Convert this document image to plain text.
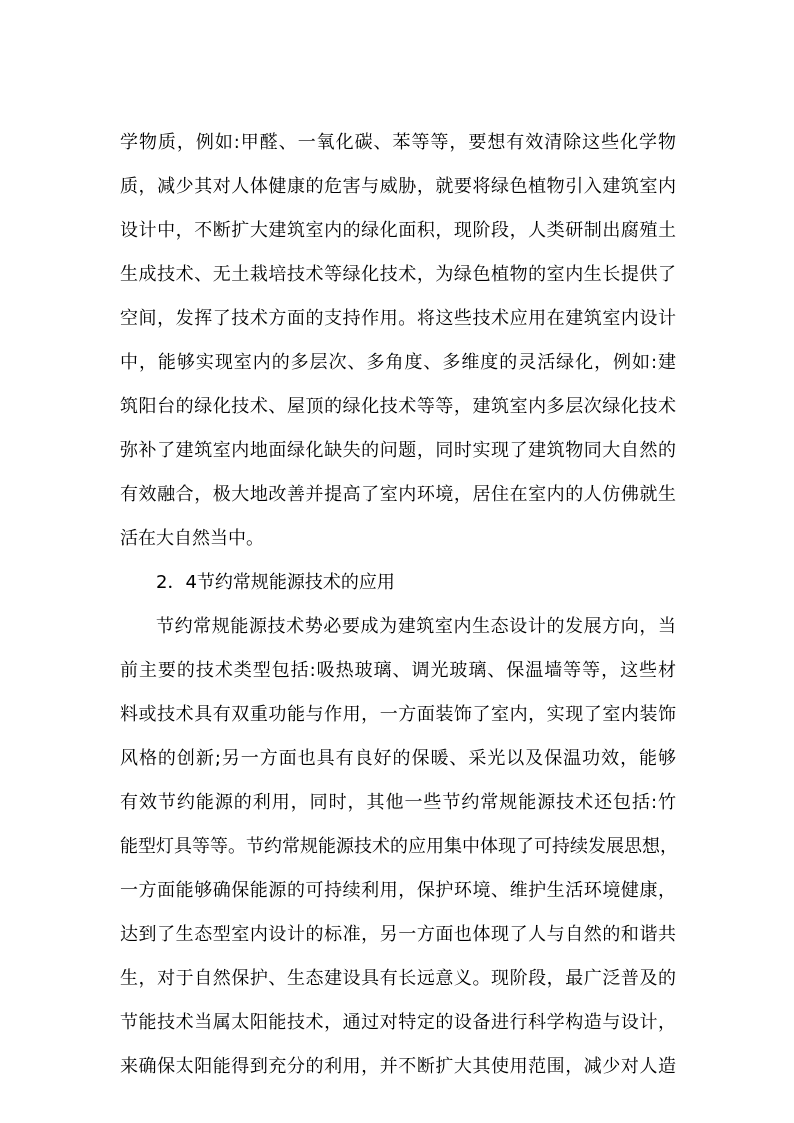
学物质，例如:甲醛、一氧化碳、苯等等，要想有效清除这些化学物
质，减少其对人体健康的危害与威胁，就要将绿色植物引入建筑室内
设计中，不断扩大建筑室内的绿化面积，现阶段，人类研制出腐殖土
生成技术、无土栽培技术等绿化技术，为绿色植物的室内生长提供了
空间，发挥了技术方面的支持作用。将这些技术应用在建筑室内设计
中，能够实现室内的多层次、多角度、多维度的灵活绿化，例如:建
筑阳台的绿化技术、屋顶的绿化技术等等，建筑室内多层次绿化技术
弥补了建筑室内地面绿化缺失的问题，同时实现了建筑物同大自然的
有效融合，极大地改善并提高了室内环境，居住在室内的人仿佛就生
活在大自然当中。
2．4节约常规能源技术的应用
节约常规能源技术势必要成为建筑室内生态设计的发展方向，当
前主要的技术类型包括:吸热玻璃、调光玻璃、保温墙等等，这些材
料或技术具有双重功能与作用，一方面装饰了室内，实现了室内装饰
风格的创新;另一方面也具有良好的保暖、采光以及保温功效，能够
有效节约能源的利用，同时，其他一些节约常规能源技术还包括:竹
能型灯具等等。节约常规能源技术的应用集中体现了可持续发展思想，
一方面能够确保能源的可持续利用，保护环境、维护生活环境健康，
达到了生态型室内设计的标准，另一方面也体现了人与自然的和谐共
生，对于自然保护、生态建设具有长远意义。现阶段，最广泛普及的
节能技术当属太阳能技术，通过对特定的设备进行科学构造与设计，
来确保太阳能得到充分的利用，并不断扩大其使用范围，减少对人造
